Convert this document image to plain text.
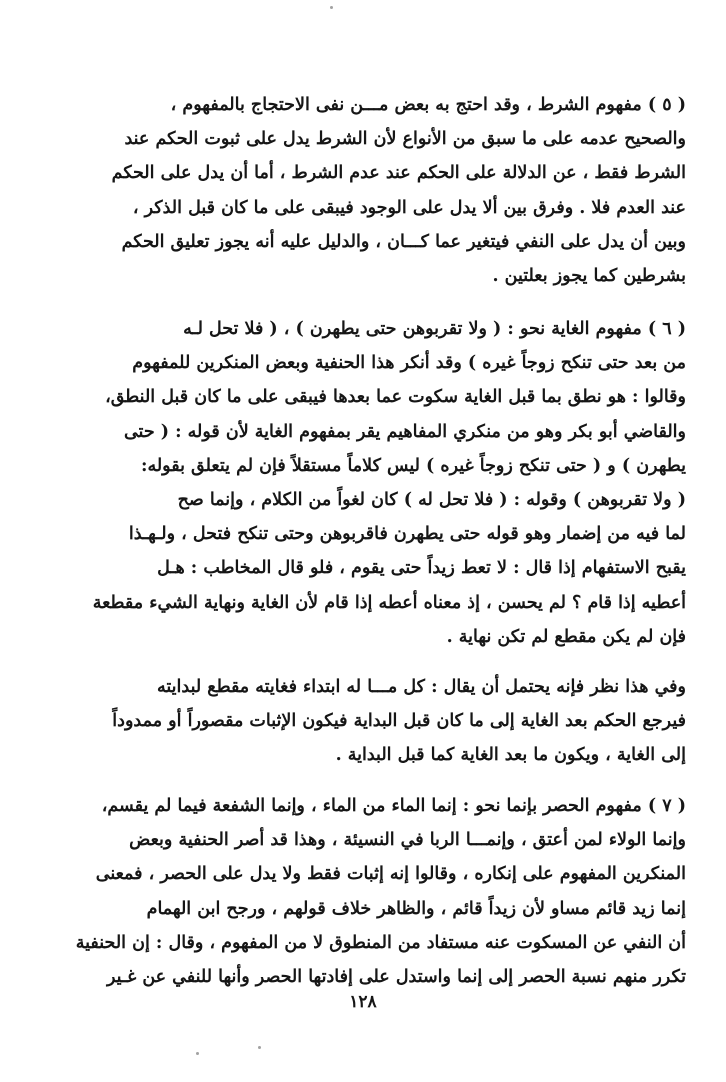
( ٥ ) مفهوم الشرط ، وقد احتج به بعض مـــن نفى الاحتجاج بالمفهوم ،
والصحيح عدمه على ما سبق من الأنواع لأن الشرط يدل على ثبوت الحكم عند
الشرط فقط ، عن الدلالة على الحكم عند عدم الشرط ، أما أن يدل على الحكم
عند العدم فلا . وفرق بين ألا يدل على الوجود فيبقى على ما كان قبل الذكر ،
وبين أن يدل على النفي فيتغير عما كـــان ، والدليل عليه أنه يجوز تعليق الحكم
بشرطين كما يجوز بعلتين .
( ٦ ) مفهوم الغاية نحو : ( ولا تقربوهن حتى يطهرن ) ، ( فلا تحل لـه
من بعد حتى تنكح زوجاً غيره ) وقد أنكر هذا الحنفية وبعض المنكرين للمفهوم
وقالوا : هو نطق بما قبل الغاية سكوت عما بعدها فيبقى على ما كان قبل النطق،
والقاضي أبو بكر وهو من منكري المفاهيم يقر بمفهوم الغاية لأن قوله : ( حتى
يطهرن ) و ( حتى تنكح زوجاً غيره ) ليس كلاماً مستقلاً فإن لم يتعلق بقوله:
( ولا تقربوهن ) وقوله : ( فلا تحل له ) كان لغواً من الكلام ، وإنما صح
لما فيه من إضمار وهو قوله حتى يطهرن فاقربوهن وحتى تنكح فتحل ، ولـهـذا
يقبح الاستفهام إذا قال : لا تعط زيداً حتى يقوم ، فلو قال المخاطب : هـل
أعطيه إذا قام ؟ لم يحسن ، إذ معناه أعطه إذا قام لأن الغاية ونهاية الشيء مقطعة
فإن لم يكن مقطع لم تكن نهاية .
وفي هذا نظر فإنه يحتمل أن يقال : كل مـــا له ابتداء فغايته مقطع لبدايته
فيرجع الحكم بعد الغاية إلى ما كان قبل البداية فيكون الإثبات مقصوراً أو ممدوداً
إلى الغاية ، ويكون ما بعد الغاية كما قبل البداية .
( ٧ ) مفهوم الحصر بإنما نحو : إنما الماء من الماء ، وإنما الشفعة فيما لم يقسم،
وإنما الولاء لمن أعتق ، وإنمـــا الربا في النسيئة ، وهذا قد أصر الحنفية وبعض
المنكرين المفهوم على إنكاره ، وقالوا إنه إثبات فقط ولا يدل على الحصر ، فمعنى
إنما زيد قائم مساو لأن زيداً قائم ، والظاهر خلاف قولهم ، ورجح ابن الهمام
أن النفي عن المسكوت عنه مستفاد من المنطوق لا من المفهوم ، وقال : إن الحنفية
تكرر منهم نسبة الحصر إلى إنما واستدل على إفادتها الحصر وأنها للنفي عن غـير
١٢٨
